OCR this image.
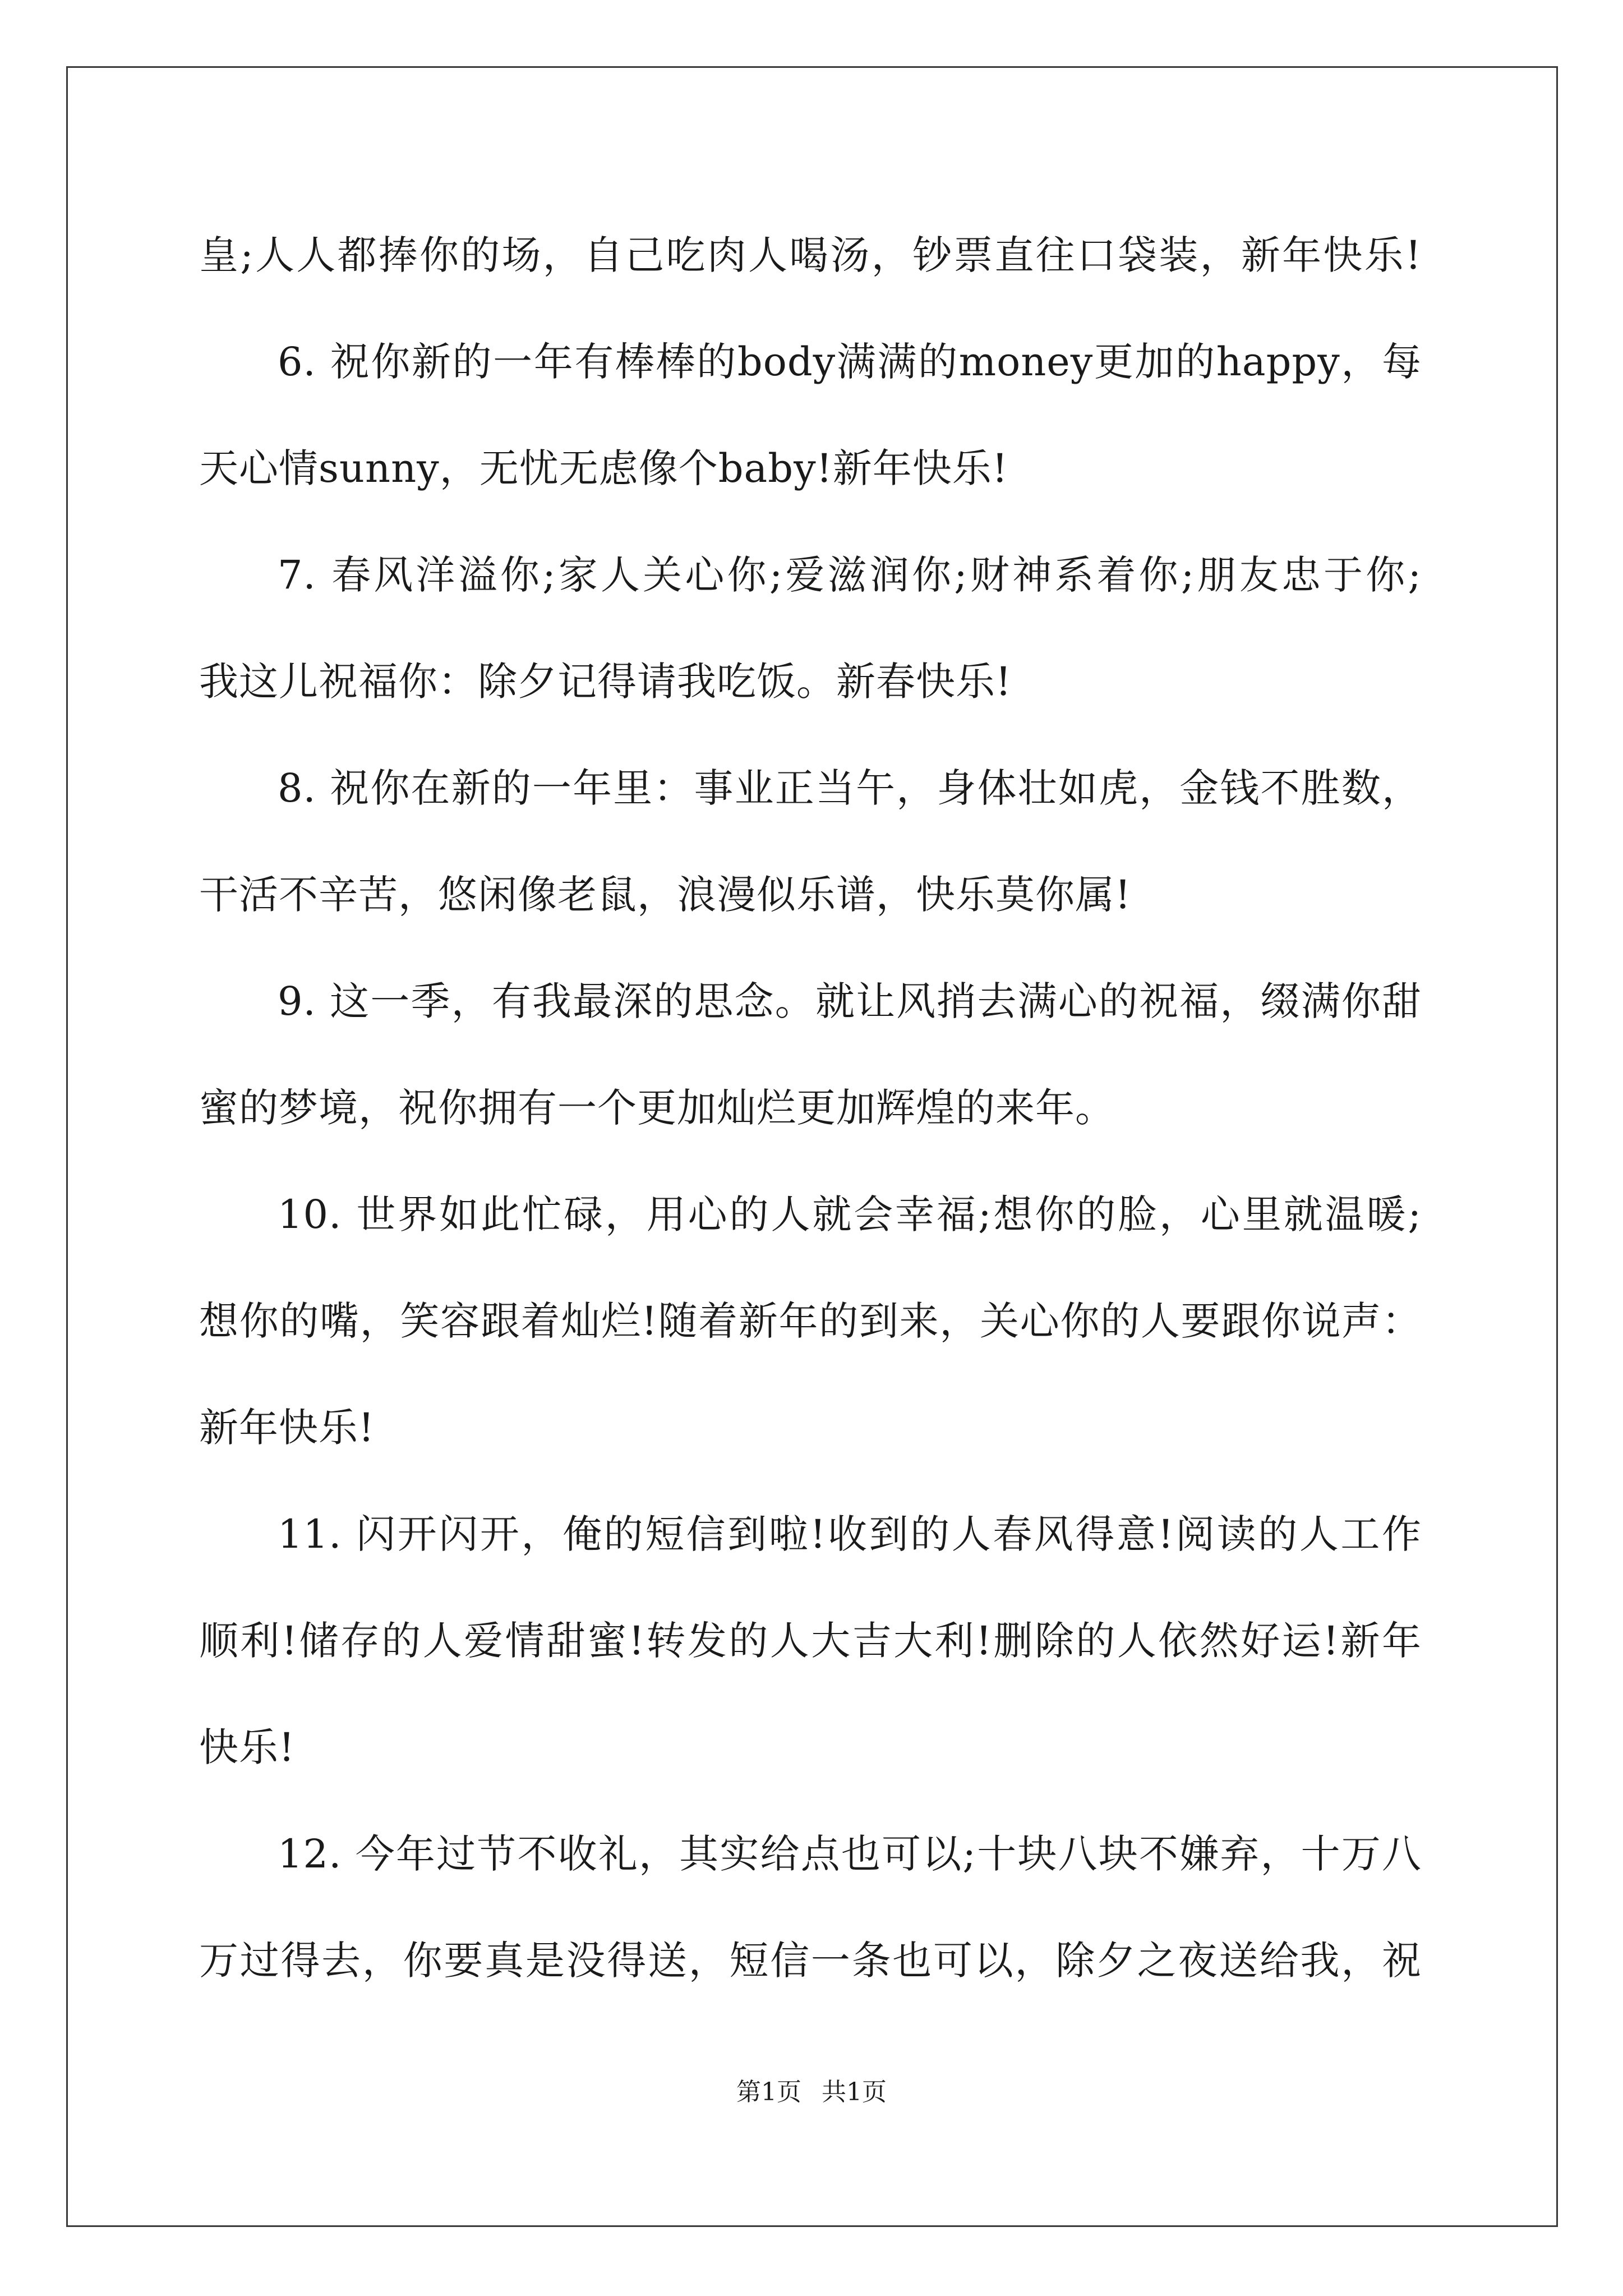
皇;人人都捧你的场，自己吃肉人喝汤，钞票直往口袋装，新年快乐!
6. 祝你新的一年有棒棒的body满满的money更加的happy，每
天心情sunny，无忧无虑像个baby!新年快乐!
7. 春风洋溢你;家人关心你;爱滋润你;财神系着你;朋友忠于你;
我这儿祝福你：除夕记得请我吃饭。新春快乐!
8. 祝你在新的一年里：事业正当午，身体壮如虎，金钱不胜数，
干活不辛苦，悠闲像老鼠，浪漫似乐谱，快乐莫你属!
9. 这一季，有我最深的思念。就让风捎去满心的祝福，缀满你甜
蜜的梦境，祝你拥有一个更加灿烂更加辉煌的来年。
10. 世界如此忙碌，用心的人就会幸福;想你的脸，心里就温暖;
想你的嘴，笑容跟着灿烂!随着新年的到来，关心你的人要跟你说声：
新年快乐!
11. 闪开闪开，俺的短信到啦!收到的人春风得意!阅读的人工作
顺利!储存的人爱情甜蜜!转发的人大吉大利!删除的人依然好运!新年
快乐!
12. 今年过节不收礼，其实给点也可以;十块八块不嫌弃，十万八
万过得去，你要真是没得送，短信一条也可以，除夕之夜送给我，祝
第1页 共1页
